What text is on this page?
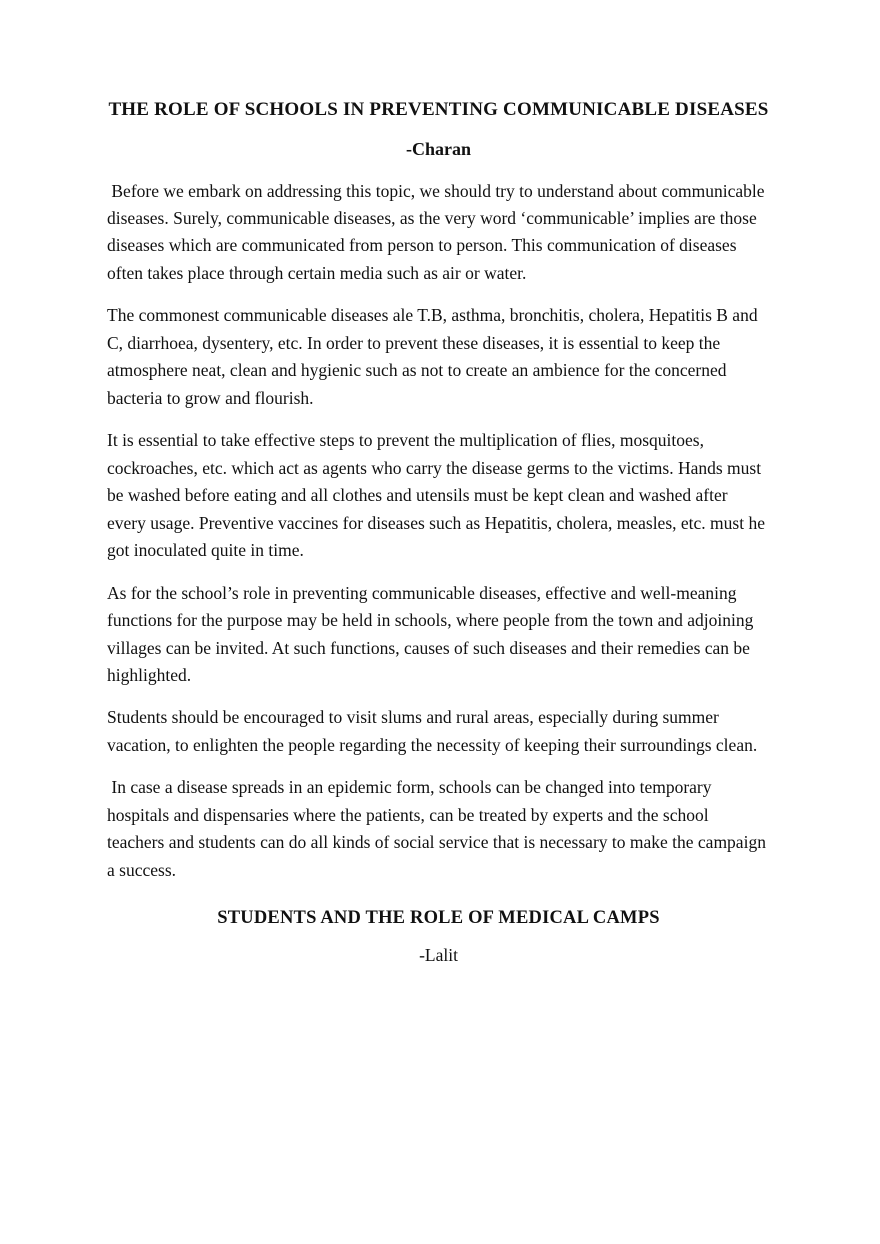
THE ROLE OF SCHOOLS IN PREVENTING COMMUNICABLE DISEASES
-Charan

Before we embark on addressing this topic, we should try to understand about communicable diseases. Surely, communicable diseases, as the very word ‘communicable’ implies are those diseases which are communicated from person to person. This communication of diseases often takes place through certain media such as air or water.

The commonest communicable diseases ale T.B, asthma, bronchitis, cholera, Hepatitis B and C, diarrhoea, dysentery, etc. In order to prevent these diseases, it is essential to keep the atmosphere neat, clean and hygienic such as not to create an ambience for the concerned bacteria to grow and flourish.

It is essential to take effective steps to prevent the multiplication of flies, mosquitoes, cockroaches, etc. which act as agents who carry the disease germs to the victims. Hands must be washed before eating and all clothes and utensils must be kept clean and washed after every usage. Preventive vaccines for diseases such as Hepatitis, cholera, measles, etc. must he got inoculated quite in time.

As for the school’s role in preventing communicable diseases, effective and well-meaning functions for the purpose may be held in schools, where people from the town and adjoining villages can be invited. At such functions, causes of such diseases and their remedies can be highlighted.

Students should be encouraged to visit slums and rural areas, especially during summer vacation, to enlighten the people regarding the necessity of keeping their surroundings clean.

In case a disease spreads in an epidemic form, schools can be changed into temporary hospitals and dispensaries where the patients, can be treated by experts and the school teachers and students can do all kinds of social service that is necessary to make the campaign a success.

STUDENTS AND THE ROLE OF MEDICAL CAMPS
-Lalit
